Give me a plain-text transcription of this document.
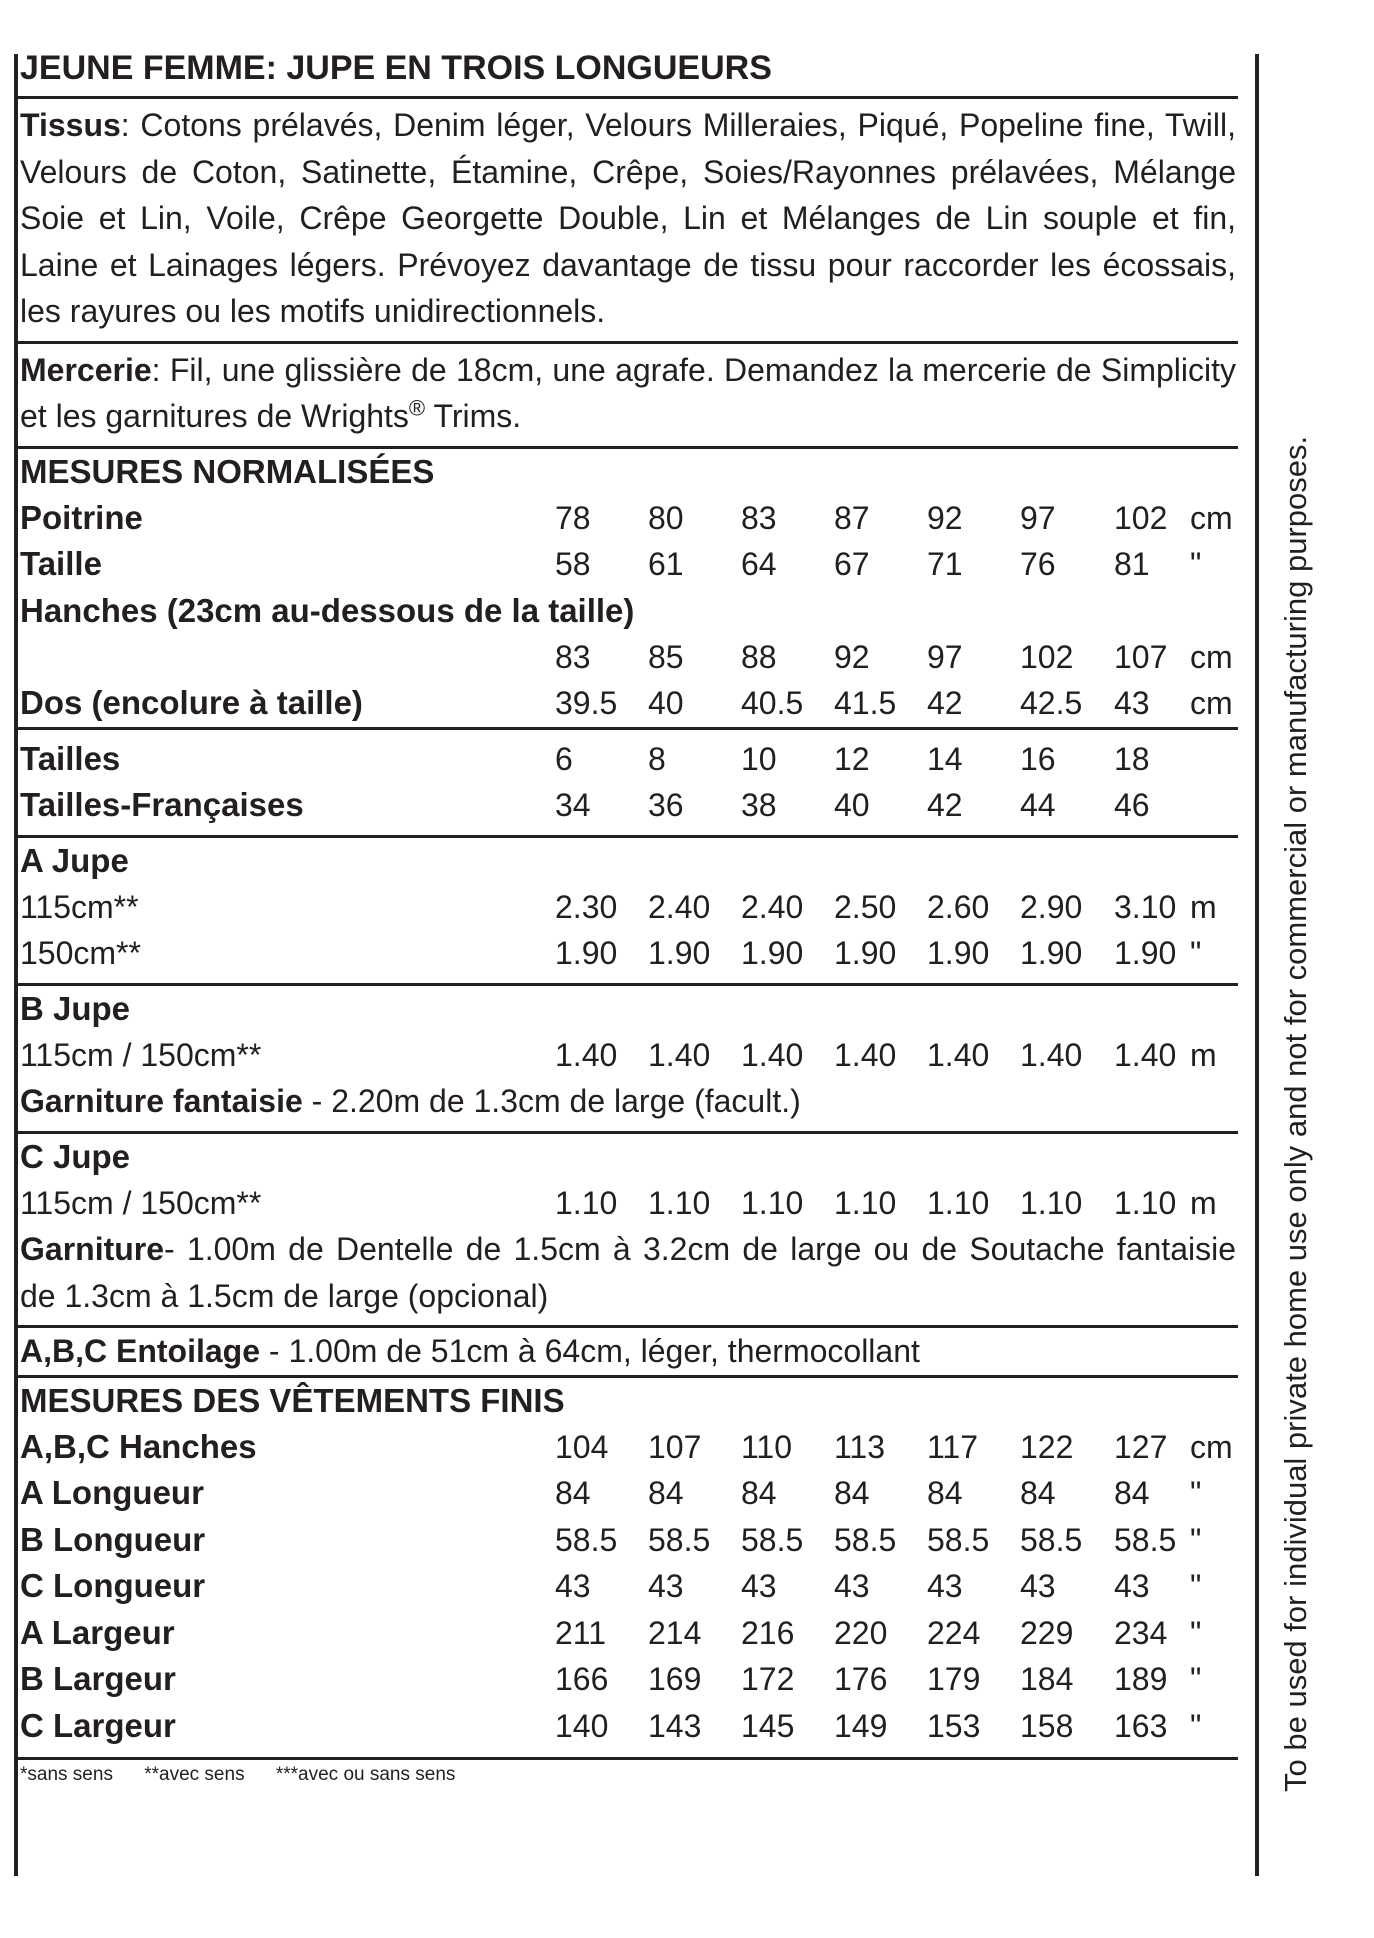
To be used for individual private home use only and not for commercial or manufacturing purposes.
JEUNE FEMME: JUPE EN TROIS LONGUEURS
Tissus: Cotons prélavés, Denim léger, Velours Milleraies, Piqué, Popeline fine, Twill, Velours de Coton, Satinette, Étamine, Crêpe, Soies/Rayonnes prélavées, Mélange Soie et Lin, Voile, Crêpe Georgette Double, Lin et Mélanges de Lin souple et fin, Laine et Lainages légers. Prévoyez davantage de tissu pour raccorder les écossais, les rayures ou les motifs unidirectionnels.
Mercerie: Fil, une glissière de 18cm, une agrafe. Demandez la mercerie de Simplicity et les garnitures de Wrights® Trims.
MESURES NORMALISÉES
Poitrine	78 80 83 87 92 97 102 cm
Taille	58 61 64 67 71 76 81 "
Hanches (23cm au-dessous de la taille)
83 85 88 92 97 102 107 cm
Dos (encolure à taille)	39.5 40 40.5 41.5 42 42.5 43 cm
Tailles	6 8 10 12 14 16 18
Tailles-Françaises	34 36 38 40 42 44 46
A Jupe
115cm**	2.30 2.40 2.40 2.50 2.60 2.90 3.10 m
150cm**	1.90 1.90 1.90 1.90 1.90 1.90 1.90 "
B Jupe
115cm / 150cm**	1.40 1.40 1.40 1.40 1.40 1.40 1.40 m
Garniture fantaisie - 2.20m de 1.3cm de large (facult.)
C Jupe
115cm / 150cm**	1.10 1.10 1.10 1.10 1.10 1.10 1.10 m
Garniture- 1.00m de Dentelle de 1.5cm à 3.2cm de large ou de Soutache fantaisie de 1.3cm à 1.5cm de large (opcional)
A,B,C Entoilage - 1.00m de 51cm à 64cm, léger, thermocollant
MESURES DES VÊTEMENTS FINIS
A,B,C Hanches	104 107 110 113 117 122 127 cm
A Longueur	84 84 84 84 84 84 84 "
B Longueur	58.5 58.5 58.5 58.5 58.5 58.5 58.5 "
C Longueur	43 43 43 43 43 43 43 "
A Largeur	211 214 216 220 224 229 234 "
B Largeur	166 169 172 176 179 184 189 "
C Largeur	140 143 145 149 153 158 163 "
*sans sens **avec sens ***avec ou sans sens
